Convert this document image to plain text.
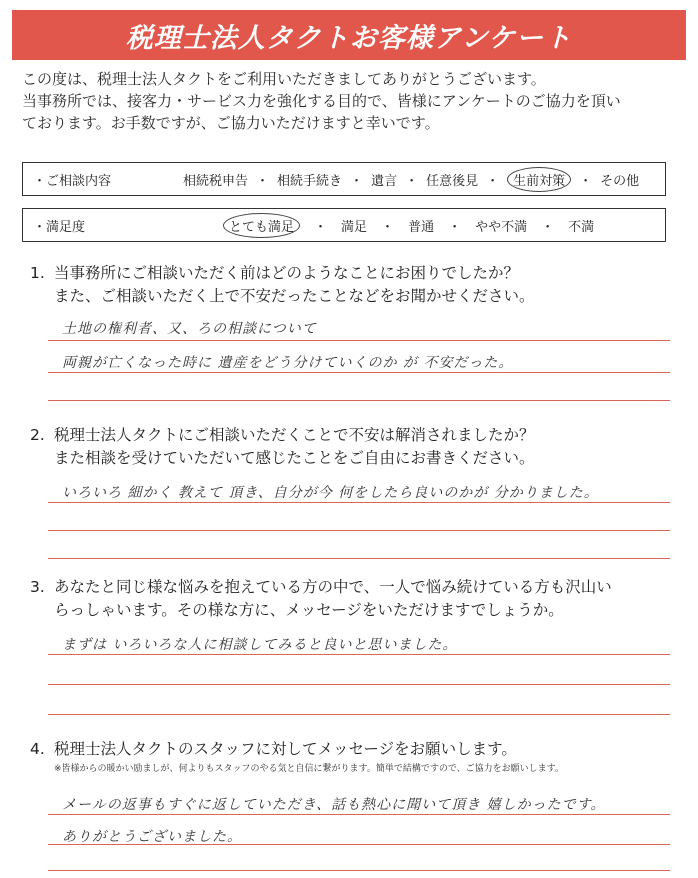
税理士法人タクトお客様アンケート
この度は、税理士法人タクトをご利用いただきましてありがとうございます。
当事務所では、接客力・サービス力を強化する目的で、皆様にアンケートのご協力を頂い
ております。お手数ですが、ご協力いただけますと幸いです。
・ご相談内容	相続税申告 ・ 相続手続き ・ 遺言 ・ 任意後見 ・	生前対策	・ その他
・満足度	とても満足	・ 満足 ・ 普通 ・ やや不満 ・ 不満
1. 当事務所にご相談いただく前はどのようなことにお困りでしたか？
また、ご相談いただく上で不安だったことなどをお聞かせください。
土地の権利者、又、ろの相談について
両親が亡くなった時に 遺産をどう分けていくのか が 不安だった。
2. 税理士法人タクトにご相談いただくことで不安は解消されましたか？
また相談を受けていただいて感じたことをご自由にお書きください。
いろいろ 細かく 教えて 頂き、自分が今 何をしたら良いのかが 分かりました。
3. あなたと同じ様な悩みを抱えている方の中で、一人で悩み続けている方も沢山い
らっしゃいます。その様な方に、メッセージをいただけますでしょうか。
まずは いろいろな人に相談してみると良いと思いました。
4. 税理士法人タクトのスタッフに対してメッセージをお願いします。
※皆様からの暖かい励ましが、何よりもスタッフのやる気と自信に繋がります。簡単で結構ですので、ご協力をお願いします。
メールの返事もすぐに返していただき、話も熱心に聞いて頂き 嬉しかったです。
ありがとうございました。
